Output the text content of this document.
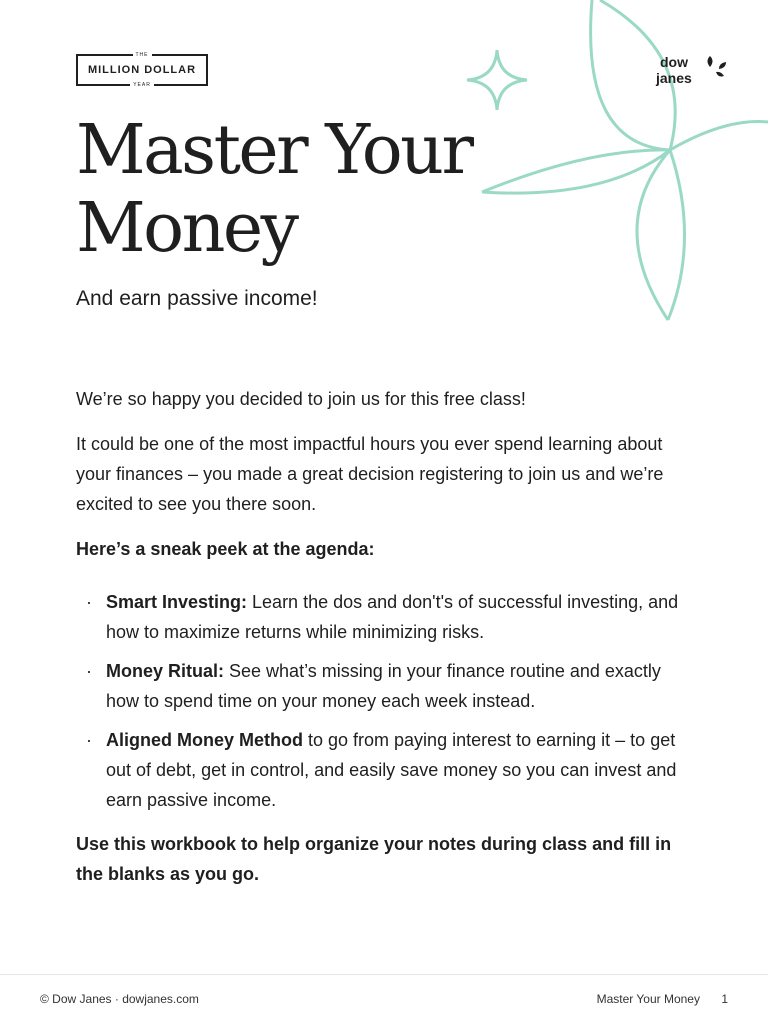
THE
MILLION DOLLAR
YEAR
dow
janes
Master Your
Money
And earn passive income!

We’re so happy you decided to join us for this free class!

It could be one of the most impactful hours you ever spend learning about your finances – you made a great decision registering to join us and we’re excited to see you there soon.

Here’s a sneak peek at the agenda:

· Smart Investing: Learn the dos and don't's of successful investing, and how to maximize returns while minimizing risks.
· Money Ritual: See what’s missing in your finance routine and exactly how to spend time on your money each week instead.
· Aligned Money Method to go from paying interest to earning it – to get out of debt, get in control, and easily save money so you can invest and earn passive income.

Use this workbook to help organize your notes during class and fill in the blanks as you go.

© Dow Janes · dowjanes.com	Master Your Money 1
